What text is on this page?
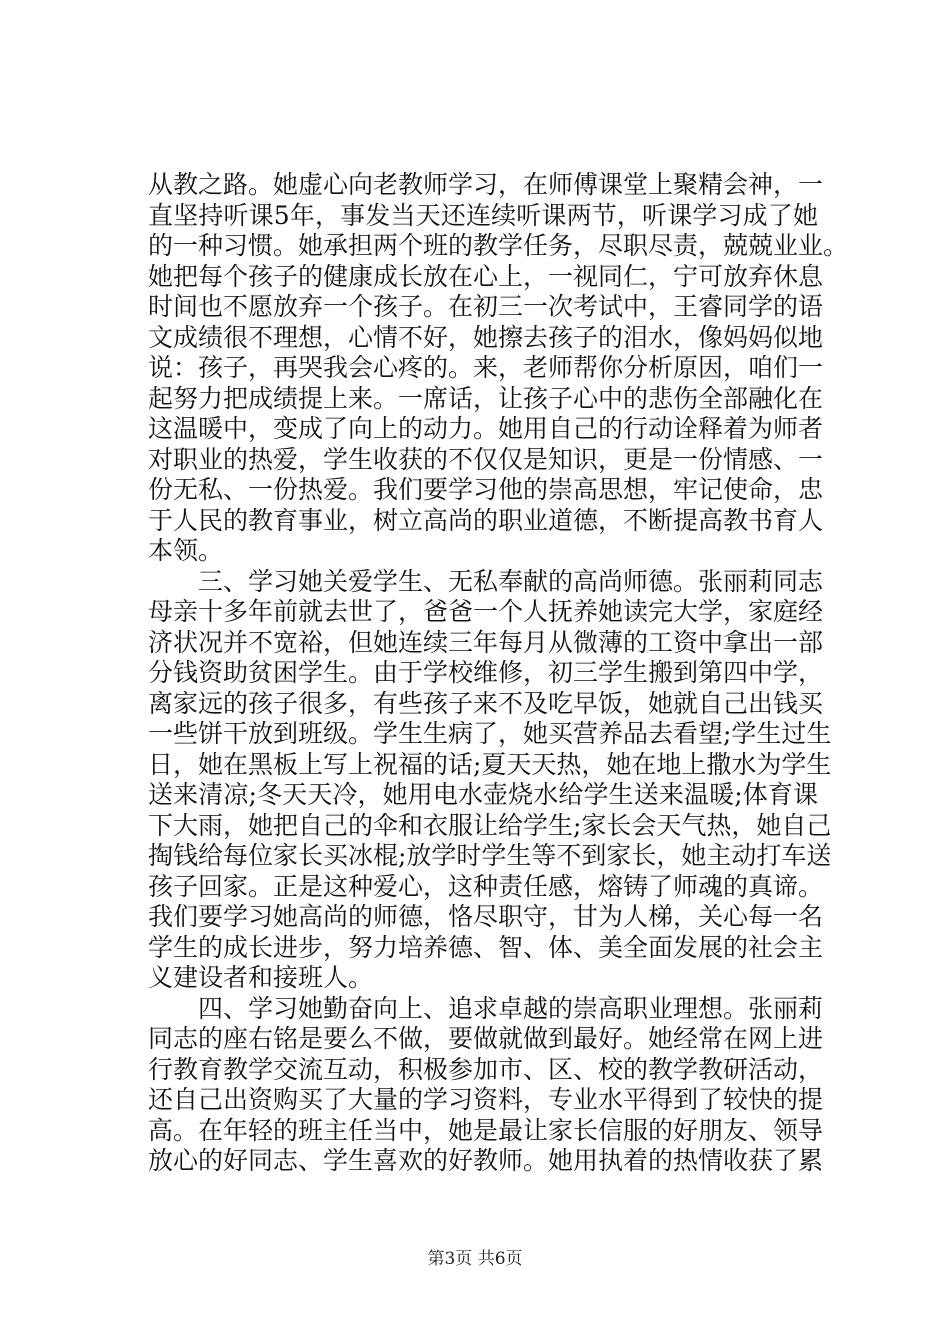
从教之路。她虚心向老教师学习，在师傅课堂上聚精会神，一
直坚持听课5年，事发当天还连续听课两节，听课学习成了她
的一种习惯。她承担两个班的教学任务，尽职尽责，兢兢业业。
她把每个孩子的健康成长放在心上，一视同仁，宁可放弃休息
时间也不愿放弃一个孩子。在初三一次考试中，王睿同学的语
文成绩很不理想，心情不好，她擦去孩子的泪水，像妈妈似地
说：孩子，再哭我会心疼的。来，老师帮你分析原因，咱们一
起努力把成绩提上来。一席话，让孩子心中的悲伤全部融化在
这温暖中，变成了向上的动力。她用自己的行动诠释着为师者
对职业的热爱，学生收获的不仅仅是知识，更是一份情感、一
份无私、一份热爱。我们要学习他的崇高思想，牢记使命，忠
于人民的教育事业，树立高尚的职业道德，不断提高教书育人
本领。
　　三、学习她关爱学生、无私奉献的高尚师德。张丽莉同志
母亲十多年前就去世了，爸爸一个人抚养她读完大学，家庭经
济状况并不宽裕，但她连续三年每月从微薄的工资中拿出一部
分钱资助贫困学生。由于学校维修，初三学生搬到第四中学，
离家远的孩子很多，有些孩子来不及吃早饭，她就自己出钱买
一些饼干放到班级。学生生病了，她买营养品去看望;学生过生
日，她在黑板上写上祝福的话;夏天天热，她在地上撒水为学生
送来清凉;冬天天冷，她用电水壶烧水给学生送来温暖;体育课
下大雨，她把自己的伞和衣服让给学生;家长会天气热，她自己
掏钱给每位家长买冰棍;放学时学生等不到家长，她主动打车送
孩子回家。正是这种爱心，这种责任感，熔铸了师魂的真谛。
我们要学习她高尚的师德，恪尽职守，甘为人梯，关心每一名
学生的成长进步，努力培养德、智、体、美全面发展的社会主
义建设者和接班人。
　　四、学习她勤奋向上、追求卓越的崇高职业理想。张丽莉
同志的座右铭是要么不做，要做就做到最好。她经常在网上进
行教育教学交流互动，积极参加市、区、校的教学教研活动，
还自己出资购买了大量的学习资料，专业水平得到了较快的提
高。在年轻的班主任当中，她是最让家长信服的好朋友、领导
放心的好同志、学生喜欢的好教师。她用执着的热情收获了累
第3页 共6页
